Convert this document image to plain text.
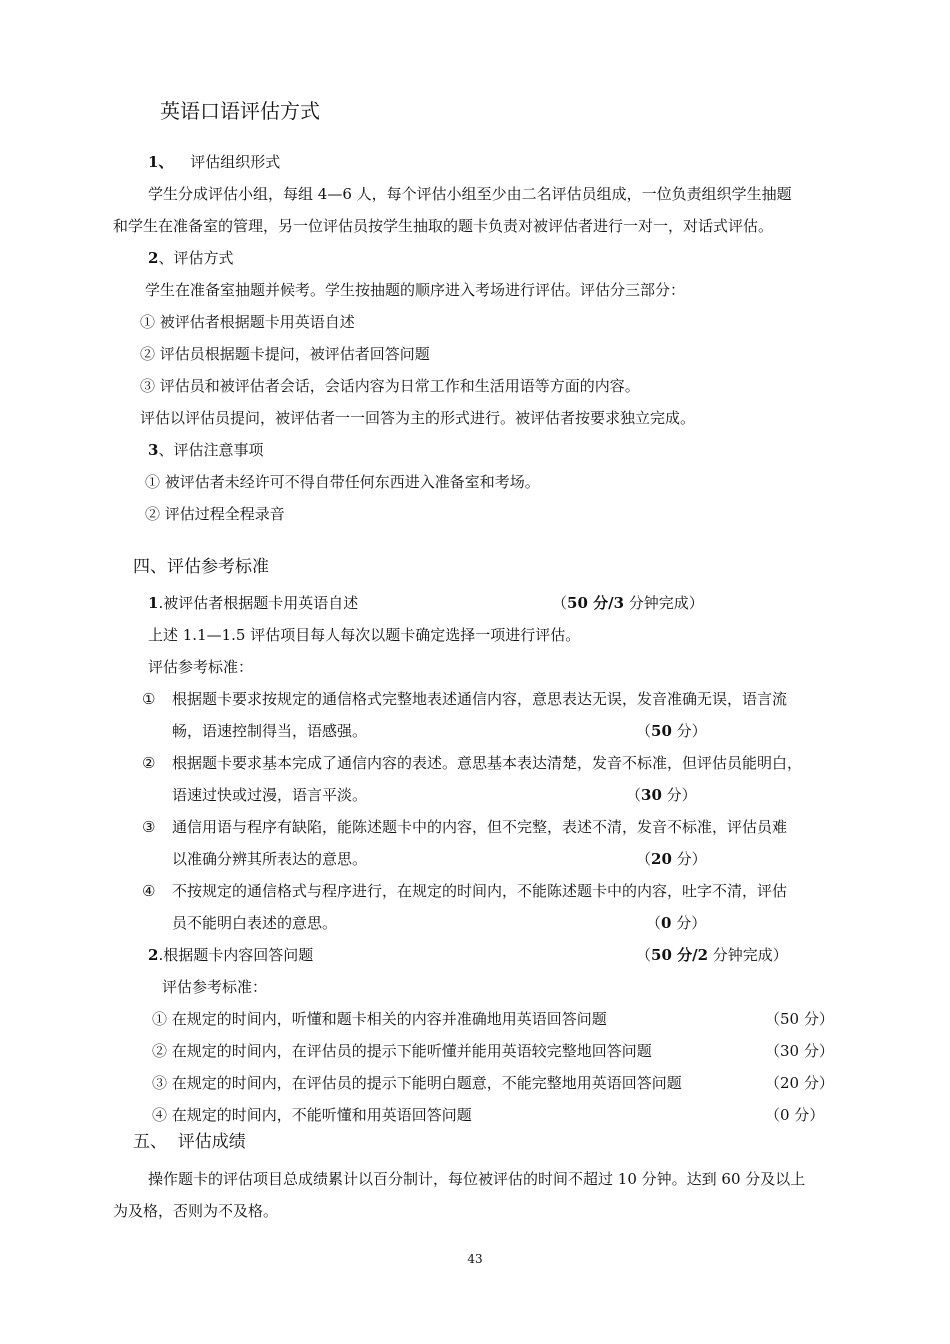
英语口语评估方式
1、 评估组织形式
学生分成评估小组，每组 4—6 人，每个评估小组至少由二名评估员组成，一位负责组织学生抽题
和学生在准备室的管理，另一位评估员按学生抽取的题卡负责对被评估者进行一对一，对话式评估。
2、评估方式
学生在准备室抽题并候考。学生按抽题的顺序进入考场进行评估。评估分三部分：
① 被评估者根据题卡用英语自述
② 评估员根据题卡提问，被评估者回答问题
③ 评估员和被评估者会话，会话内容为日常工作和生活用语等方面的内容。
评估以评估员提问，被评估者一一回答为主的形式进行。被评估者按要求独立完成。
3、评估注意事项
① 被评估者未经许可不得自带任何东西进入准备室和考场。
② 评估过程全程录音
四、评估参考标准
1.被评估者根据题卡用英语自述	（50 分/3 分钟完成）
上述 1.1—1.5 评估项目每人每次以题卡确定选择一项进行评估。
评估参考标准：
① 根据题卡要求按规定的通信格式完整地表述通信内容，意思表达无误，发音准确无误，语言流
畅，语速控制得当，语感强。	（50 分）
② 根据题卡要求基本完成了通信内容的表述。意思基本表达清楚，发音不标准，但评估员能明白，
语速过快或过漫，语言平淡。	（30 分）
③ 通信用语与程序有缺陷，能陈述题卡中的内容，但不完整，表述不清，发音不标准，评估员难
以准确分辨其所表达的意思。	（20 分）
④ 不按规定的通信格式与程序进行，在规定的时间内，不能陈述题卡中的内容，吐字不清，评估
员不能明白表述的意思。	（0 分）
2.根据题卡内容回答问题	（50 分/2 分钟完成）
评估参考标准：
① 在规定的时间内，听懂和题卡相关的内容并准确地用英语回答问题	（50 分）
② 在规定的时间内，在评估员的提示下能听懂并能用英语较完整地回答问题	（30 分）
③ 在规定的时间内，在评估员的提示下能明白题意，不能完整地用英语回答问题	（20 分）
④ 在规定的时间内，不能听懂和用英语回答问题	（0 分）
五、  评估成绩
操作题卡的评估项目总成绩累计以百分制计，每位被评估的时间不超过 10 分钟。达到 60 分及以上
为及格，否则为不及格。
43
